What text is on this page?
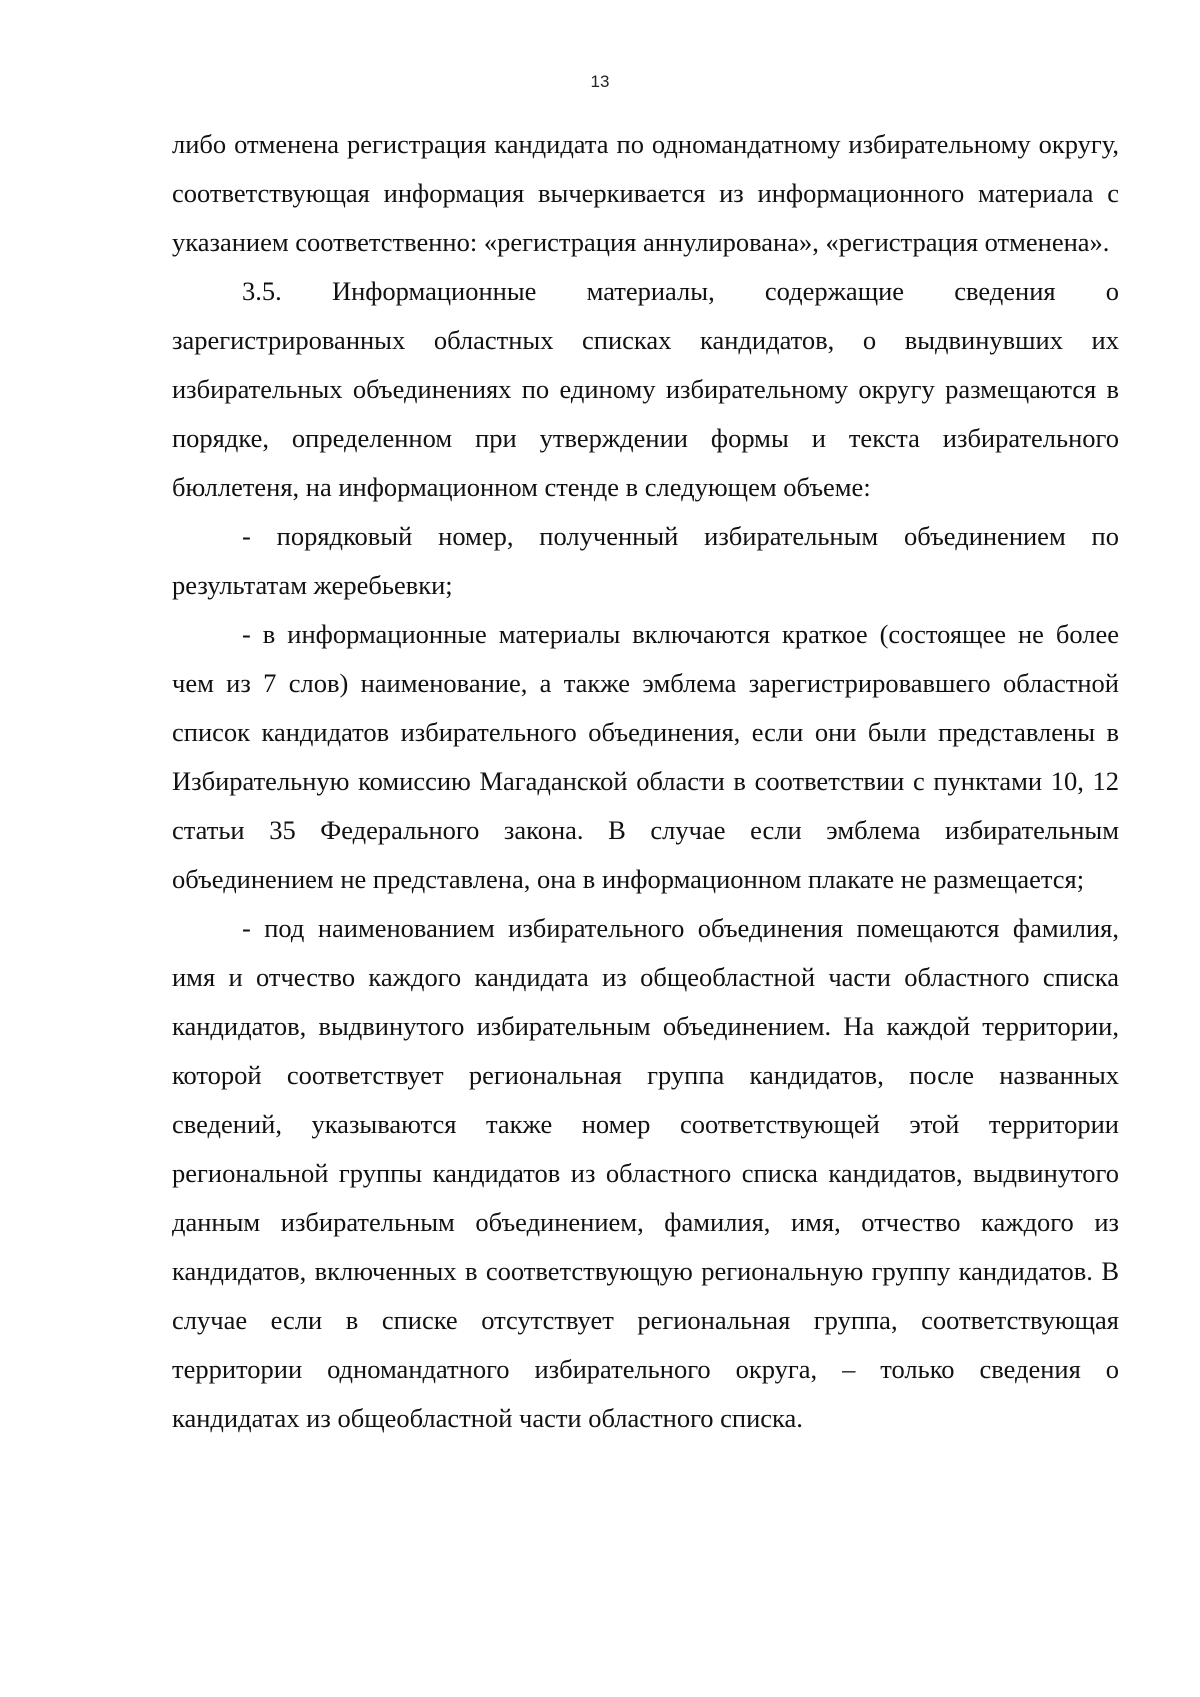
13

либо отменена регистрация кандидата по одномандатному избирательному округу, соответствующая информация вычеркивается из информационного материала с указанием соответственно: «регистрация аннулирована», «регистрация отменена».

3.5. Информационные материалы, содержащие сведения о зарегистрированных областных списках кандидатов, о выдвинувших их избирательных объединениях по единому избирательному округу размещаются в порядке, определенном при утверждении формы и текста избирательного бюллетеня, на информационном стенде в следующем объеме:

- порядковый номер, полученный избирательным объединением по результатам жеребьевки;

- в информационные материалы включаются краткое (состоящее не более чем из 7 слов) наименование, а также эмблема зарегистрировавшего областной список кандидатов избирательного объединения, если они были представлены в Избирательную комиссию Магаданской области в соответствии с пунктами 10, 12 статьи 35 Федерального закона. В случае если эмблема избирательным объединением не представлена, она в информационном плакате не размещается;

- под наименованием избирательного объединения помещаются фамилия, имя и отчество каждого кандидата из общеобластной части областного списка кандидатов, выдвинутого избирательным объединением. На каждой территории, которой соответствует региональная группа кандидатов, после названных сведений, указываются также номер соответствующей этой территории региональной группы кандидатов из областного списка кандидатов, выдвинутого данным избирательным объединением, фамилия, имя, отчество каждого из кандидатов, включенных в соответствующую региональную группу кандидатов. В случае если в списке отсутствует региональная группа, соответствующая территории одномандатного избирательного округа, – только сведения о кандидатах из общеобластной части областного списка.
